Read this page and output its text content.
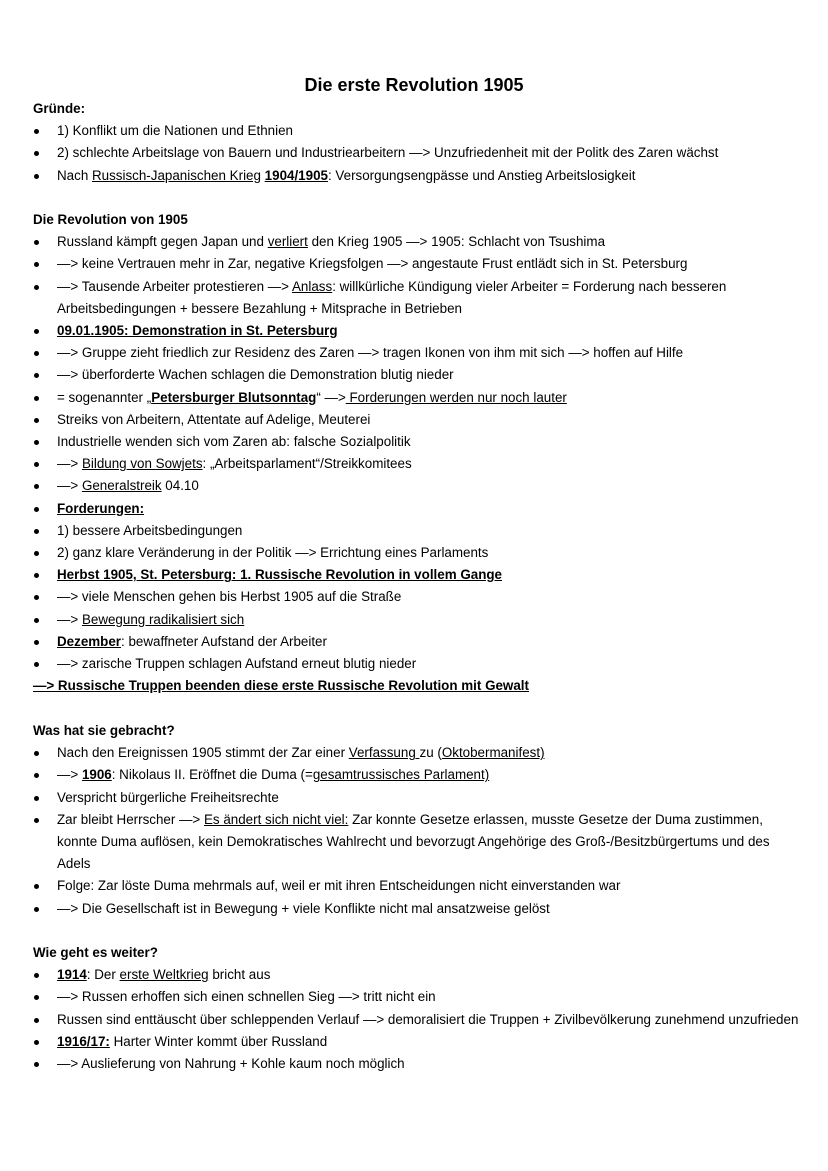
Die erste Revolution 1905
Gründe:
1) Konflikt um die Nationen und Ethnien
2) schlechte Arbeitslage von Bauern und Industriearbeitern —> Unzufriedenheit mit der Politk des Zaren wächst
Nach Russisch-Japanischen Krieg 1904/1905: Versorgungsengpässe und Anstieg Arbeitslosigkeit
Die Revolution von 1905
Russland kämpft gegen Japan und verliert den Krieg 1905 —> 1905: Schlacht von Tsushima
—> keine Vertrauen mehr in Zar, negative Kriegsfolgen —> angestaute Frust entlädt sich in St. Petersburg
—> Tausende Arbeiter protestieren —> Anlass: willkürliche Kündigung vieler Arbeiter = Forderung nach besseren Arbeitsbedingungen + bessere Bezahlung + Mitsprache in Betrieben
09.01.1905: Demonstration in St. Petersburg
—> Gruppe zieht friedlich zur Residenz des Zaren —> tragen Ikonen von ihm mit sich —> hoffen auf Hilfe
—> überforderte Wachen schlagen die Demonstration blutig nieder
= sogenannter „Petersburger Blutsonntag“ —> Forderungen werden nur noch lauter
Streiks von Arbeitern, Attentate auf Adelige, Meuterei
Industrielle wenden sich vom Zaren ab: falsche Sozialpolitik
—> Bildung von Sowjets: „Arbeitsparlament“/Streikkomitees
—> Generalstreik 04.10
Forderungen:
1) bessere Arbeitsbedingungen
2) ganz klare Veränderung in der Politik —> Errichtung eines Parlaments
Herbst 1905, St. Petersburg: 1. Russische Revolution in vollem Gange
—> viele Menschen gehen bis Herbst 1905 auf die Straße
—> Bewegung radikalisiert sich
Dezember: bewaffneter Aufstand der Arbeiter
—> zarische Truppen schlagen Aufstand erneut blutig nieder
—> Russische Truppen beenden diese erste Russische Revolution mit Gewalt
Was hat sie gebracht?
Nach den Ereignissen 1905 stimmt der Zar einer Verfassung zu (Oktobermanifest)
—> 1906: Nikolaus II. Eröffnet die Duma (=gesamtrussisches Parlament)
Verspricht bürgerliche Freiheitsrechte
Zar bleibt Herrscher —> Es ändert sich nicht viel: Zar konnte Gesetze erlassen, musste Gesetze der Duma zustimmen, konnte Duma auflösen, kein Demokratisches Wahlrecht und bevorzugt Angehörige des Groß-/Besitzbürgertums und des Adels
Folge: Zar löste Duma mehrmals auf, weil er mit ihren Entscheidungen nicht einverstanden war
—> Die Gesellschaft ist in Bewegung + viele Konflikte nicht mal ansatzweise gelöst
Wie geht es weiter?
1914: Der erste Weltkrieg bricht aus
—> Russen erhoffen sich einen schnellen Sieg —> tritt nicht ein
Russen sind enttäuscht über schleppenden Verlauf —> demoralisiert die Truppen + Zivilbevölkerung zunehmend unzufrieden
1916/17: Harter Winter kommt über Russland
—> Auslieferung von Nahrung + Kohle kaum noch möglich
